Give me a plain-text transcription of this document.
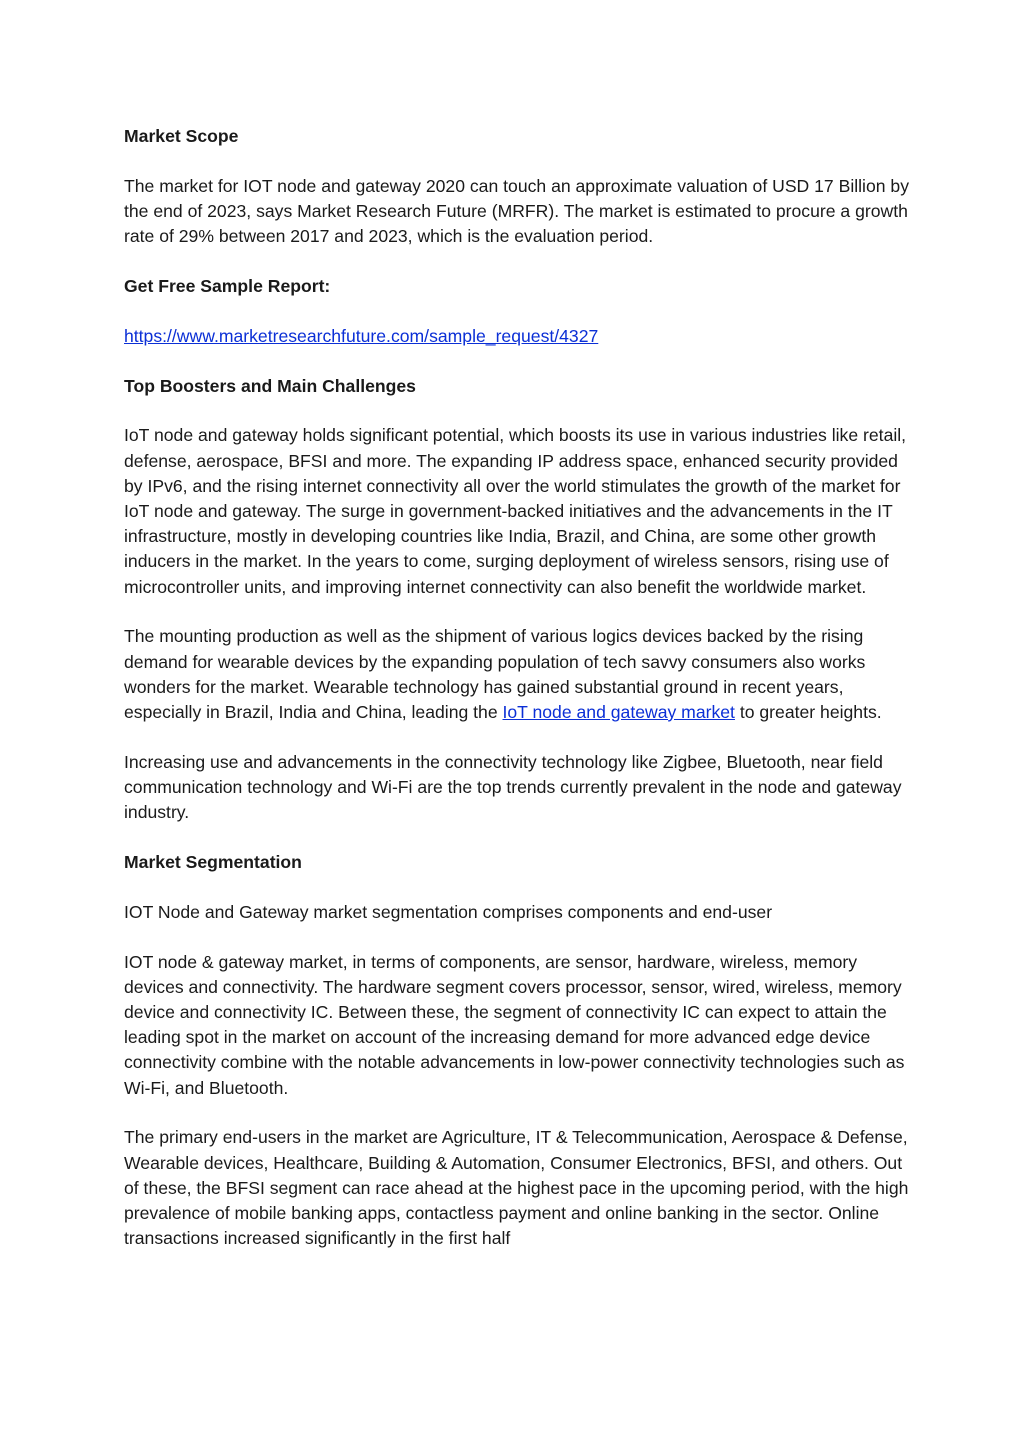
Market Scope

The market for IOT node and gateway 2020 can touch an approximate valuation of USD 17 Billion by the end of 2023, says Market Research Future (MRFR). The market is estimated to procure a growth rate of 29% between 2017 and 2023, which is the evaluation period.

Get Free Sample Report:

https://www.marketresearchfuture.com/sample_request/4327

Top Boosters and Main Challenges

IoT node and gateway holds significant potential, which boosts its use in various industries like retail, defense, aerospace, BFSI and more. The expanding IP address space, enhanced security provided by IPv6, and the rising internet connectivity all over the world stimulates the growth of the market for IoT node and gateway. The surge in government-backed initiatives and the advancements in the IT infrastructure, mostly in developing countries like India, Brazil, and China, are some other growth inducers in the market. In the years to come, surging deployment of wireless sensors, rising use of microcontroller units, and improving internet connectivity can also benefit the worldwide market.

The mounting production as well as the shipment of various logics devices backed by the rising demand for wearable devices by the expanding population of tech savvy consumers also works wonders for the market. Wearable technology has gained substantial ground in recent years, especially in Brazil, India and China, leading the IoT node and gateway market to greater heights.

Increasing use and advancements in the connectivity technology like Zigbee, Bluetooth, near field communication technology and Wi-Fi are the top trends currently prevalent in the node and gateway industry.

Market Segmentation

IOT Node and Gateway market segmentation comprises components and end-user

IOT node & gateway market, in terms of components, are sensor, hardware, wireless, memory devices and connectivity. The hardware segment covers processor, sensor, wired, wireless, memory device and connectivity IC. Between these, the segment of connectivity IC can expect to attain the leading spot in the market on account of the increasing demand for more advanced edge device connectivity combine with the notable advancements in low-power connectivity technologies such as Wi-Fi, and Bluetooth.

The primary end-users in the market are Agriculture, IT & Telecommunication, Aerospace & Defense, Wearable devices, Healthcare, Building & Automation, Consumer Electronics, BFSI, and others. Out of these, the BFSI segment can race ahead at the highest pace in the upcoming period, with the high prevalence of mobile banking apps, contactless payment and online banking in the sector. Online transactions increased significantly in the first half
